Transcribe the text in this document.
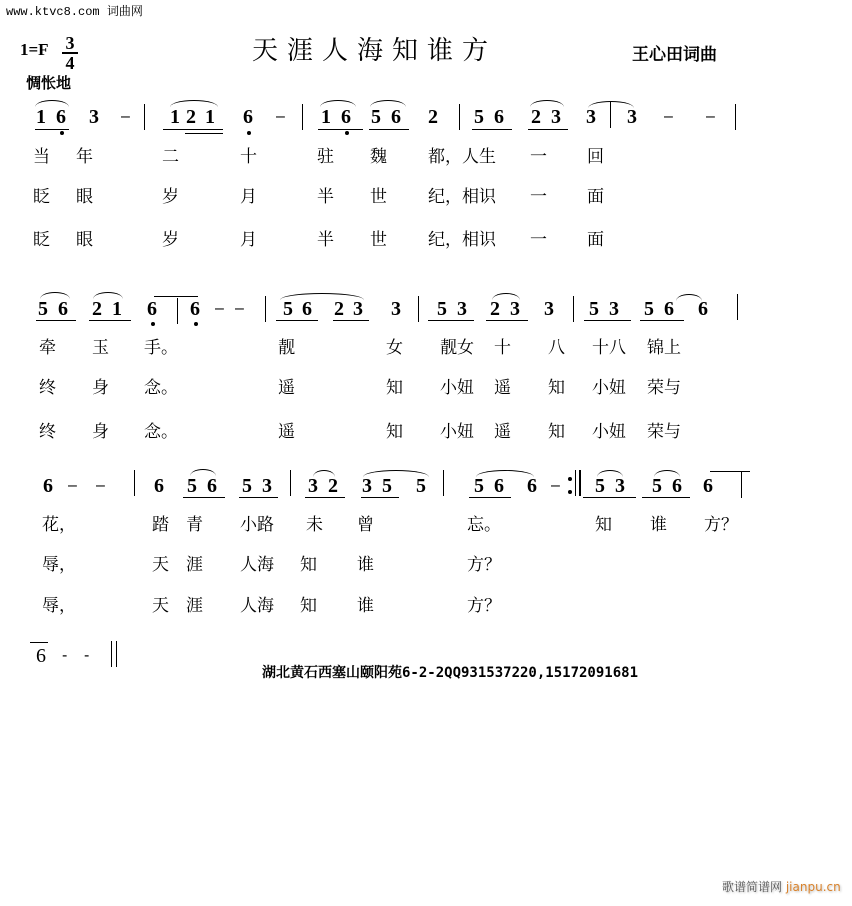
www.ktvc8.com 词曲网
1=F 3
4
惆怅地
天涯人海知谁方	王心田词曲
1 6 3 – 1 2 1 6 – 1 6 5 6 2 5 6 2 3 3 3 – –
当 年	二	十	驻 魏 都，人生 一 回
眨 眼	岁	月	半 世 纪，相识 一 面
眨 眼	岁	月	半 世 纪，相识 一 面
5 6 2 1 6 6 – – 5 6 2 3 3 5 3 2 3 3 5 3 5 6 6
牵 玉 手。	靓	女 靓女 十 八 十八 锦上
终 身 念。	遥	知 小妞 遥 知 小妞 荣与
终 身 念。	遥	知 小妞 遥 知 小妞 荣与
6 – – 6 5 6 5 3 3 2 3 5 5 5 6 6 – 5 3 5 6 6
花，	踏 青 小路 未 曾	忘。	知 谁 方？
辱，	天 涯 人海 知 谁	方？
辱，	天 涯 人海 知 谁	方？
6 - -
湖北黄石西塞山颐阳苑6-2-2QQ931537220,15172091681
歌谱简谱网 jianpu.cn
